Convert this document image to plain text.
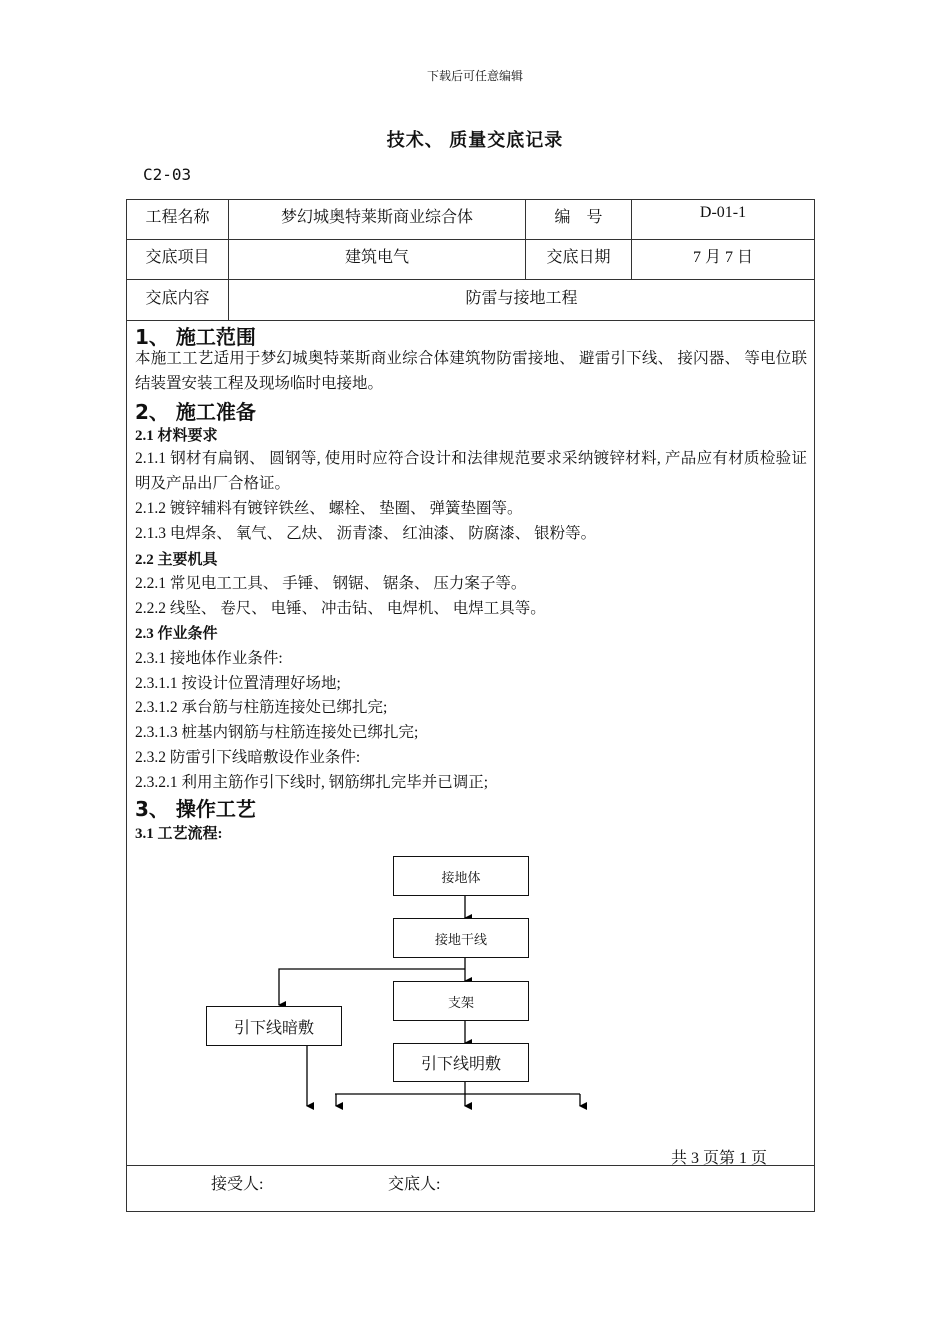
下载后可任意编辑
技术、 质量交底记录
C2-03
工程名称	梦幻城奥特莱斯商业综合体	编　号	D-01-1
交底项目	建筑电气	交底日期	7 月 7 日
交底内容	防雷与接地工程
1、 施工范围
本施工工艺适用于梦幻城奥特莱斯商业综合体建筑物防雷接地、 避雷引下线、 接闪器、 等电位联结装置安装工程及现场临时电接地。
2、 施工准备
2.1 材料要求
2.1.1 钢材有扁钢、 圆钢等, 使用时应符合设计和法律规范要求采纳镀锌材料, 产品应有材质检验证明及产品出厂合格证。
2.1.2 镀锌辅料有镀锌铁丝、 螺栓、 垫圈、 弹簧垫圈等。
2.1.3 电焊条、 氧气、 乙炔、 沥青漆、 红油漆、 防腐漆、 银粉等。
2.2 主要机具
2.2.1 常见电工工具、 手锤、 钢锯、 锯条、 压力案子等。
2.2.2 线坠、 卷尺、 电锤、 冲击钻、 电焊机、 电焊工具等。
2.3 作业条件
2.3.1 接地体作业条件:
2.3.1.1 按设计位置清理好场地;
2.3.1.2 承台筋与柱筋连接处已绑扎完;
2.3.1.3 桩基内钢筋与柱筋连接处已绑扎完;
2.3.2 防雷引下线暗敷设作业条件:
2.3.2.1 利用主筋作引下线时, 钢筋绑扎完毕并已调正;
3、 操作工艺
3.1 工艺流程:
接地体
接地干线
支架
引下线暗敷
引下线明敷
共 3 页第 1 页
接受人:	交底人:
